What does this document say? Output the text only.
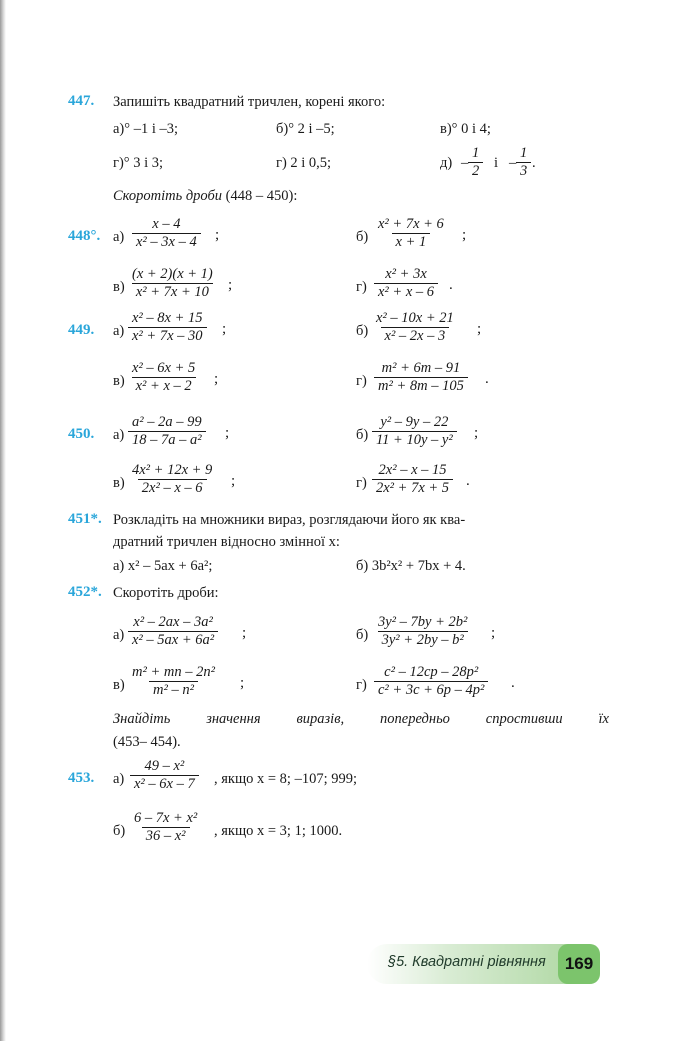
447. Запишіть квадратний тричлен, корені якого:
а)° –1 і –3;	б)° 2 і –5;	в)° 0 і 4;
г)° 3 і 3;	г) 2 і 0,5;	$д) - \frac{1}{2}$ і – $\frac{1}{3}$ .
Скоротіть дроби (448 – 450):
448°. $а) \frac{x - 4}{\text{x² – 3x – 4}}$ ;	$б) \frac{\text{x² + 7x + 6}}{x + 1}$ ;
$в) \frac{(x + 2)(x + 1)}{\text{x² + 7x + 10}}$ ;	$г) \frac{\text{x² + 3x}}{\text{x² + x – 6}}$ .
449. $а) \frac{\text{x² – 8x + 15}}{\text{x² + 7x – 30}}$ ;	$б) \frac{\text{x² – 10x + 21}}{\text{x² – 2x – 3}}$ ;
$в) \frac{\text{x² – 6x + 5}}{\text{x² + x – 2}}$ ;	$г) \frac{\text{m² + 6m – 91}}{\text{m² + 8m – 105}}$ .
450. $а) \frac{\text{a² – 2a – 99}}{\text{18 – 7a – a²}}$ ;	$б) \frac{\text{y² – 9y – 22}}{\text{11 + 10y – y²}}$ ;
$в) \frac{\text{4x² + 12x + 9}}{\text{2x² – x – 6}}$ ;	$г) \frac{\text{2x² – x – 15}}{\text{2x² + 7x + 5}}$ .
451*. Розкладіть на множники вираз, розглядаючи його як ква-
дратний тричлен відносно змінної x:
а) x² – 5ax + 6a²;	б) 3b²x² + 7bx + 4.
452*. Скоротіть дроби:
$а) \frac{\text{x² – 2ax – 3a²}}{\text{x² – 5ax + 6a²}}$ ;	$б) \frac{\text{3y² – 7by + 2b²}}{\text{3y² + 2by – b²}}$ ;
$в) \frac{\text{m² + mn – 2n²}}{\text{m² – n²}}$ ;	$г) \frac{\text{c² – 12cp – 28p²}}{\text{c² + 3c + 6p – 4p²}}$ .
Знайдіть значення виразів, попередньо спростивши їх
(453– 454).
453. $а) \frac{\text{49 – x²}}{\text{x² – 6x – 7}}$ , якщо x = 8; –107; 999;
$б) \frac{\text{6 – 7x + x²}}{\text{36 – x²}}$ , якщо x = 3; 1; 1000.
§5. Квадратні рівняння	169
